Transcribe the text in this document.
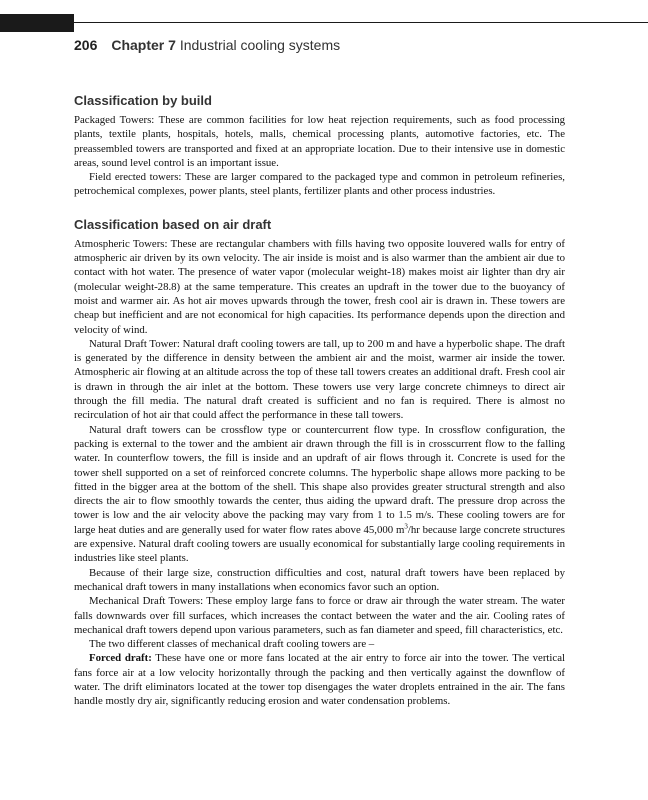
206 Chapter 7 Industrial cooling systems
Classification by build

Packaged Towers: These are common facilities for low heat rejection requirements, such as food processing plants, textile plants, hospitals, hotels, malls, chemical processing plants, automotive factories, etc. The preassembled towers are transported and fixed at an appropriate location. Due to their intensive use in domestic areas, sound level control is an important issue.

Field erected towers: These are larger compared to the packaged type and common in petroleum refineries, petrochemical complexes, power plants, steel plants, fertilizer plants and other process industries.

Classification based on air draft

Atmospheric Towers: These are rectangular chambers with fills having two opposite louvered walls for entry of atmospheric air driven by its own velocity. The air inside is moist and is also warmer than the ambient air due to contact with hot water. The presence of water vapor (molecular weight-18) makes moist air lighter than dry air (molecular weight-28.8) at the same temperature. This creates an updraft in the tower due to the buoyancy of moist and warmer air. As hot air moves upwards through the tower, fresh cool air is drawn in. These towers are cheap but inefficient and are not economical for high capacities. Its performance depends upon the direction and velocity of wind.

Natural Draft Tower: Natural draft cooling towers are tall, up to 200 m and have a hyperbolic shape. The draft is generated by the difference in density between the ambient air and the moist, warmer air inside the tower. Atmospheric air flowing at an altitude across the top of these tall towers creates an additional draft. Fresh cool air is drawn in through the air inlet at the bottom. These towers use very large concrete chimneys to direct air through the fill media. The natural draft created is sufficient and no fan is required. There is almost no recirculation of hot air that could affect the performance in these tall towers.

Natural draft towers can be crossflow type or countercurrent flow type. In crossflow configuration, the packing is external to the tower and the ambient air drawn through the fill is in crosscurrent flow to the falling water. In counterflow towers, the fill is inside and an updraft of air flows through it. Concrete is used for the tower shell supported on a set of reinforced concrete columns. The hyperbolic shape allows more packing to be fitted in the bigger area at the bottom of the shell. This shape also provides greater structural strength and also directs the air to flow smoothly towards the center, thus aiding the upward draft. The pressure drop across the tower is low and the air velocity above the packing may vary from 1 to 1.5 m/s. These cooling towers are for large heat duties and are generally used for water flow rates above 45,000 $m^3/hr$ because large concrete structures are expensive. Natural draft cooling towers are usually economical for substantially large cooling requirements in industries like steel plants.

Because of their large size, construction difficulties and cost, natural draft towers have been replaced by mechanical draft towers in many installations when economics favor such an option.

Mechanical Draft Towers: These employ large fans to force or draw air through the water stream. The water falls downwards over fill surfaces, which increases the contact between the water and the air. Cooling rates of mechanical draft towers depend upon various parameters, such as fan diameter and speed, fill characteristics, etc.

The two different classes of mechanical draft cooling towers are –

Forced draft: These have one or more fans located at the air entry to force air into the tower. The vertical fans force air at a low velocity horizontally through the packing and then vertically against the downflow of water. The drift eliminators located at the tower top disengages the water droplets entrained in the air. The fans handle mostly dry air, significantly reducing erosion and water condensation problems.
